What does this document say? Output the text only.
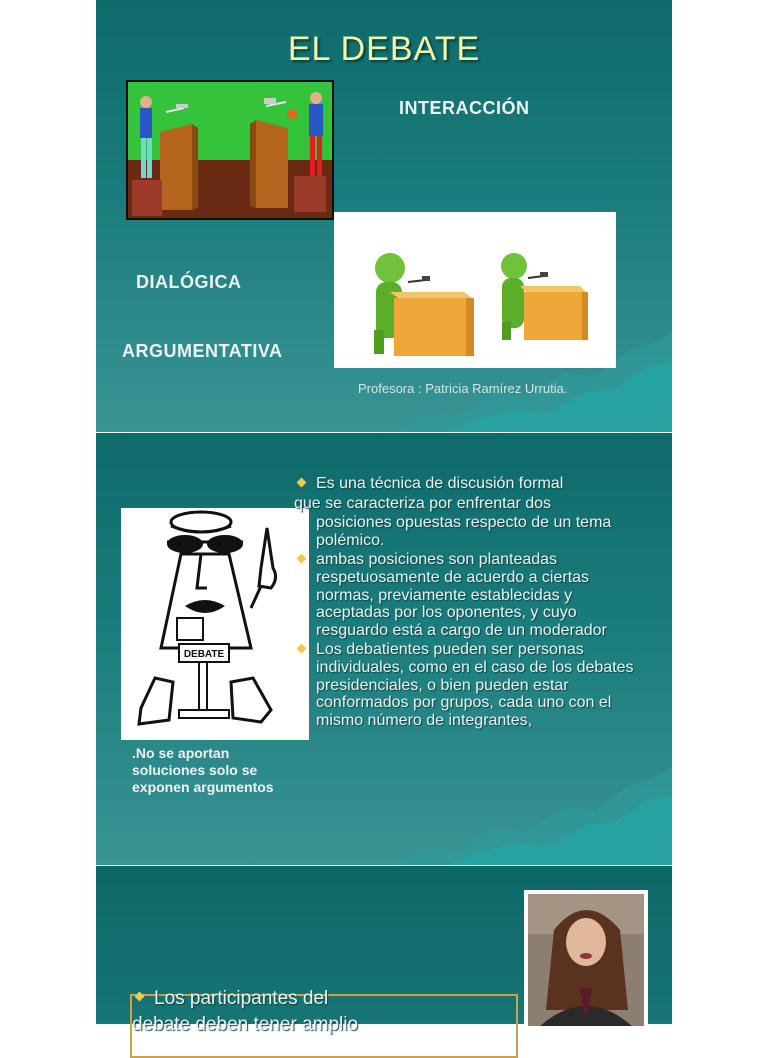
EL DEBATE
INTERACCIÓN
DIALÓGICA
ARGUMENTATIVA
Profesora : Patricia Ramírez Urrutia.
DEBATE
Es una técnica de discusión formal
que se caracteriza por enfrentar dos
posiciones opuestas respecto de un tema polémico.
ambas posiciones son planteadas respetuosamente de acuerdo a ciertas normas, previamente establecidas y aceptadas por los oponentes, y cuyo resguardo está a cargo de un moderador
Los debatientes pueden ser personas individuales, como en el caso de los debates presidenciales, o bien pueden estar conformados por grupos, cada uno con el mismo número de integrantes,
.No se aportan soluciones solo se exponen argumentos
Los participantes del
debate deben tener amplio
